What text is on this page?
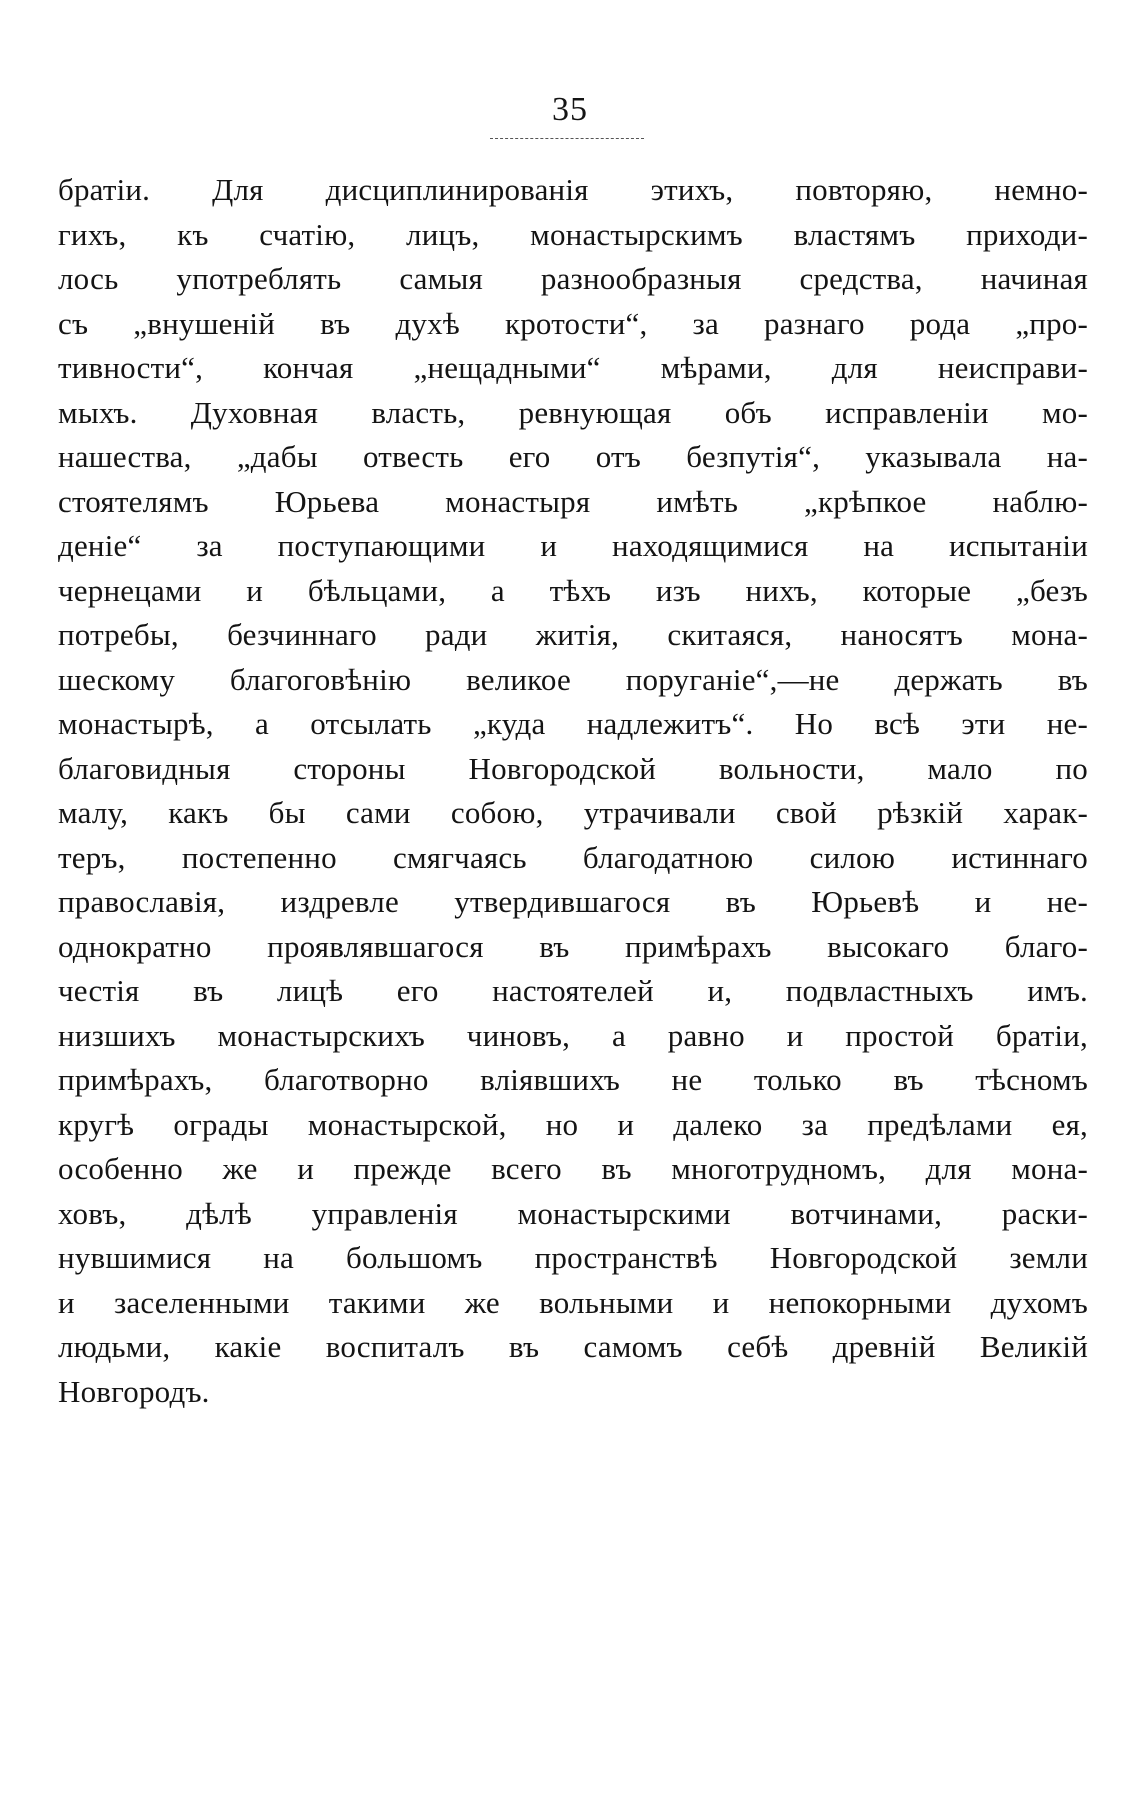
35
братіи. Для дисциплинированія этихъ, повторяю, немно-
гихъ, къ счатію, лицъ, монастырскимъ властямъ приходи-
лось употреблять самыя разнообразныя средства, начиная
съ „внушеній въ духѣ кротости“, за разнаго рода „про-
тивности“, кончая „нещадными“ мѣрами, для неисправи-
мыхъ. Духовная власть, ревнующая объ исправленіи мо-
нашества, „дабы отвесть его отъ безпутія“, указывала на-
стоятелямъ Юрьева монастыря имѣть „крѣпкое наблю-
деніе“ за поступающими и находящимися на испытаніи
чернецами и бѣльцами, а тѣхъ изъ нихъ, которые „безъ
потребы, безчиннаго ради житія, скитаяся, наносятъ мона-
шескому благоговѣнію великое поруганіе“,—не держать въ
монастырѣ, а отсылать „куда надлежитъ“. Но всѣ эти не-
благовидныя стороны Новгородской вольности, мало по
малу, какъ бы сами собою, утрачивали свой рѣзкій харак-
теръ, постепенно смягчаясь благодатною силою истиннаго
православія, издревле утвердившагося въ Юрьевѣ и не-
однократно проявлявшагося въ примѣрахъ высокаго благо-
честія въ лицѣ его настоятелей и, подвластныхъ имъ.
низшихъ монастырскихъ чиновъ, а равно и простой братіи,
примѣрахъ, благотворно вліявшихъ не только въ тѣсномъ
кругѣ ограды монастырской, но и далеко за предѣлами ея,
особенно же и прежде всего въ многотрудномъ, для мона-
ховъ, дѣлѣ управленія монастырскими вотчинами, раски-
нувшимися на большомъ пространствѣ Новгородской земли
и заселенными такими же вольными и непокорными духомъ
людьми, какіе воспиталъ въ самомъ себѣ древній Великій
Новгородъ.
